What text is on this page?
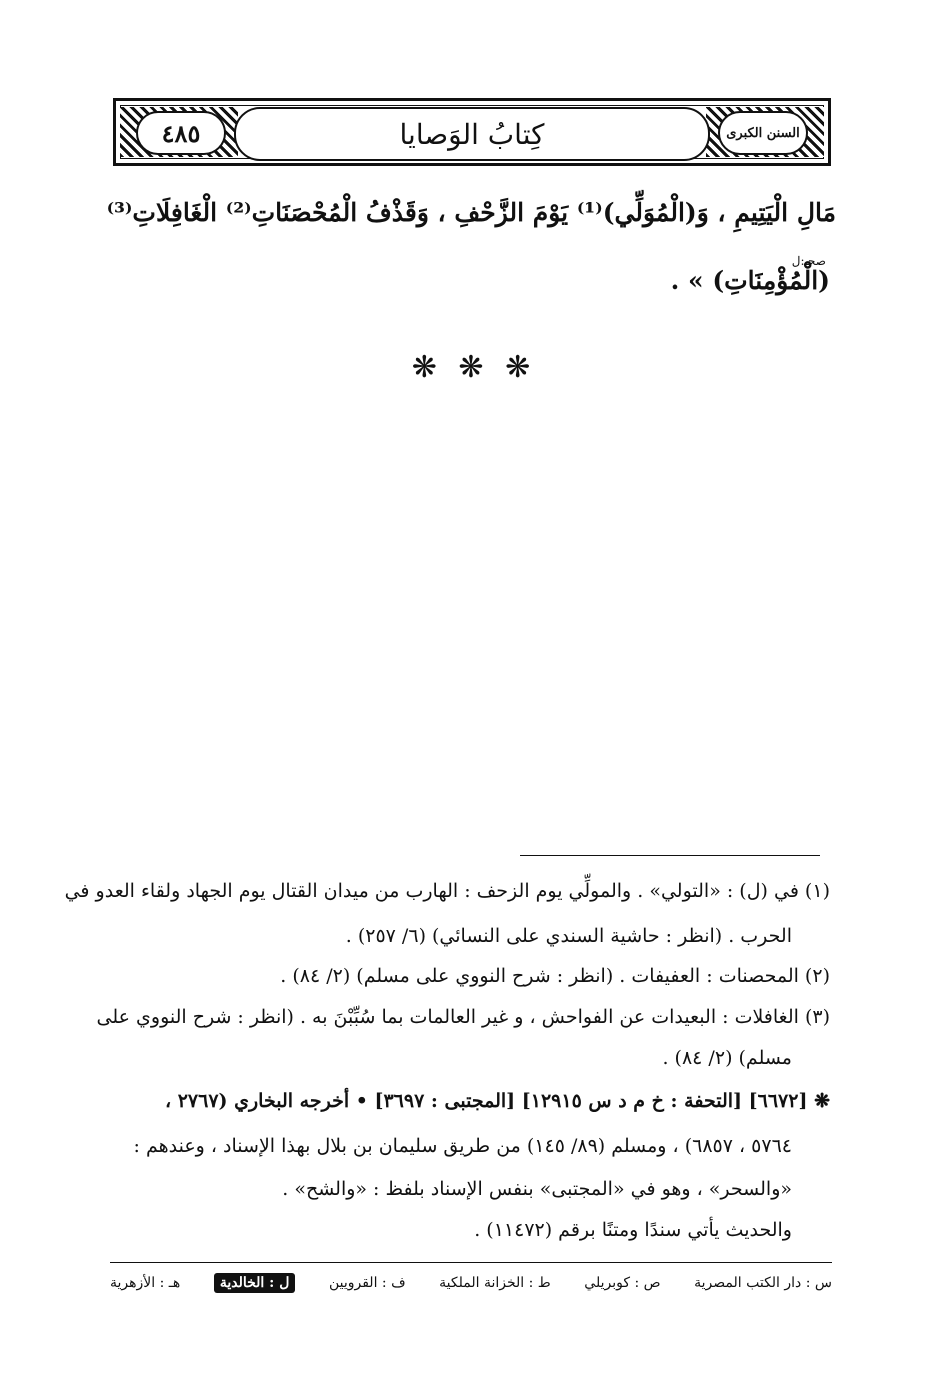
٤٨٥	السنن الكبرى
كِتابُ الوَصايا
مَالِ الْيَتِيمِ ، وَ(الْمُوَلِّي)⁽¹⁾ يَوْمَ الزَّحْفِ ، وَقَذْفُ الْمُحْصَنَاتِ⁽²⁾ الْغَافِلَاتِ⁽³⁾
صحـ:ل
(الْمُؤْمِنَاتِ) » .
❋ ❋ ❋
(١) في (ل) : «التولي» . والمولِّي يوم الزحف : الهارب من ميدان القتال يوم الجهاد ولقاء العدو في
الحرب . (انظر : حاشية السندي على النسائي) (٦/ ٢٥٧) .
(٢) المحصنات : العفيفات . (انظر : شرح النووي على مسلم) (٢/ ٨٤) .
(٣) الغافلات : البعيدات عن الفواحش ، و غير العالمات بما سُبِّبْنَ به . (انظر : شرح النووي على
مسلم) (٢/ ٨٤) .
❋ [٦٦٧٢] [التحفة : خ م د س ١٢٩١٥] [المجتبى : ٣٦٩٧] • أخرجه البخاري (٢٧٦٧ ،
٥٧٦٤ ، ٦٨٥٧) ، ومسلم (٨٩/ ١٤٥) من طريق سليمان بن بلال بهذا الإسناد ، وعندهم :
«والسحر» ، وهو في «المجتبى» بنفس الإسناد بلفظ : «والشح» .
والحديث يأتي سندًا ومتنًا برقم (١١٤٧٢) .
س : دار الكتب المصرية
ص : كوبريلي
ط : الخزانة الملكية
ف : القرويين
ل : الخالدية
هـ : الأزهرية
